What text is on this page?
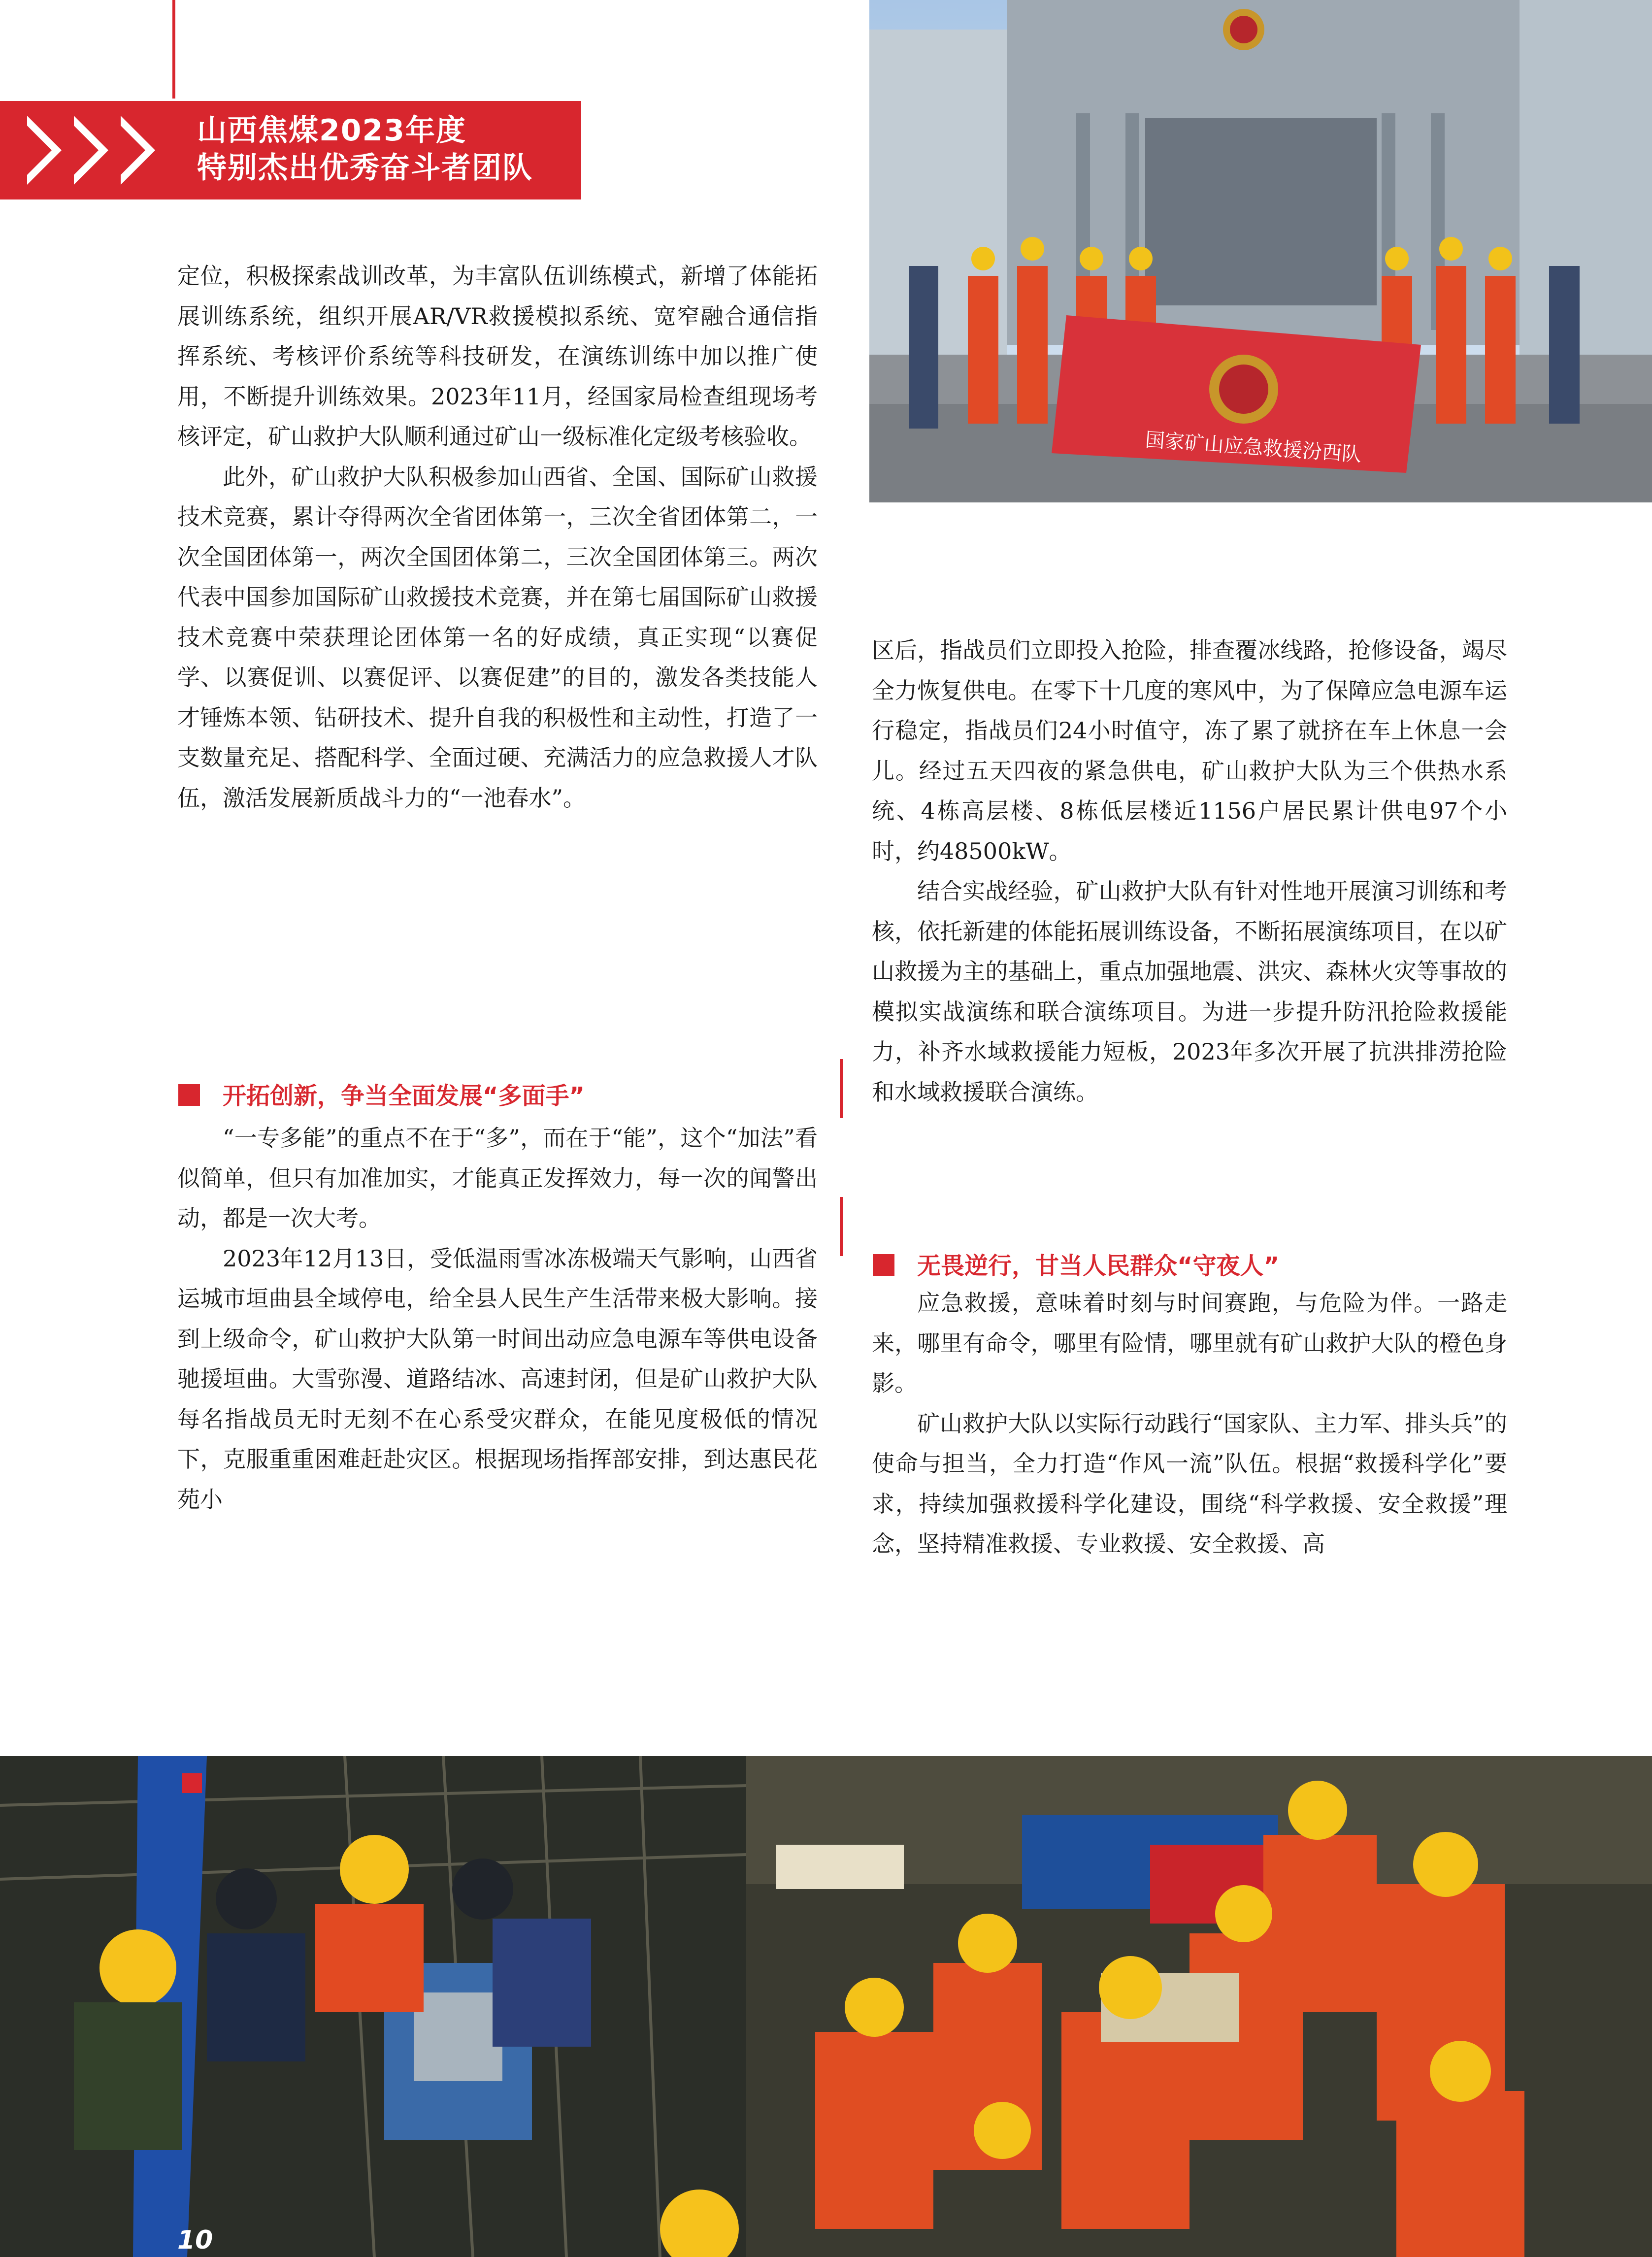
山西焦煤2023年度
特别杰出优秀奋斗者团队
国家矿山应急救援汾西队

定位，积极探索战训改革，为丰富队伍训练模式，新增了体能拓展训练系统，组织开展AR/VR救援模拟系统、宽窄融合通信指挥系统、考核评价系统等科技研发，在演练训练中加以推广使用，不断提升训练效果。2023年11月，经国家局检查组现场考核评定，矿山救护大队顺利通过矿山一级标准化定级考核验收。

此外，矿山救护大队积极参加山西省、全国、国际矿山救援技术竞赛，累计夺得两次全省团体第一，三次全省团体第二，一次全国团体第一，两次全国团体第二，三次全国团体第三。两次代表中国参加国际矿山救援技术竞赛，并在第七届国际矿山救援技术竞赛中荣获理论团体第一名的好成绩，真正实现“以赛促学、以赛促训、以赛促评、以赛促建”的目的，激发各类技能人才锤炼本领、钻研技术、提升自我的积极性和主动性，打造了一支数量充足、搭配科学、全面过硬、充满活力的应急救援人才队伍，激活发展新质战斗力的“一池春水”。

开拓创新，争当全面发展“多面手”

“一专多能”的重点不在于“多”，而在于“能”，这个“加法”看似简单，但只有加准加实，才能真正发挥效力，每一次的闻警出动，都是一次大考。

2023年12月13日，受低温雨雪冰冻极端天气影响，山西省运城市垣曲县全域停电，给全县人民生产生活带来极大影响。接到上级命令，矿山救护大队第一时间出动应急电源车等供电设备驰援垣曲。大雪弥漫、道路结冰、高速封闭，但是矿山救护大队每名指战员无时无刻不在心系受灾群众，在能见度极低的情况下，克服重重困难赶赴灾区。根据现场指挥部安排，到达惠民花苑小

区后，指战员们立即投入抢险，排查覆冰线路，抢修设备，竭尽全力恢复供电。在零下十几度的寒风中，为了保障应急电源车运行稳定，指战员们24小时值守，冻了累了就挤在车上休息一会儿。经过五天四夜的紧急供电，矿山救护大队为三个供热水系统、4栋高层楼、8栋低层楼近1156户居民累计供电97个小时，约48500kW。

结合实战经验，矿山救护大队有针对性地开展演习训练和考核，依托新建的体能拓展训练设备，不断拓展演练项目，在以矿山救援为主的基础上，重点加强地震、洪灾、森林火灾等事故的模拟实战演练和联合演练项目。为进一步提升防汛抢险救援能力，补齐水域救援能力短板，2023年多次开展了抗洪排涝抢险和水域救援联合演练。

无畏逆行，甘当人民群众“守夜人”

应急救援，意味着时刻与时间赛跑，与危险为伴。一路走来，哪里有命令，哪里有险情，哪里就有矿山救护大队的橙色身影。

矿山救护大队以实际行动践行“国家队、主力军、排头兵”的使命与担当，全力打造“作风一流”队伍。根据“救援科学化”要求，持续加强救援科学化建设，围绕“科学救援、安全救援”理念，坚持精准救援、专业救援、安全救援、高

10
